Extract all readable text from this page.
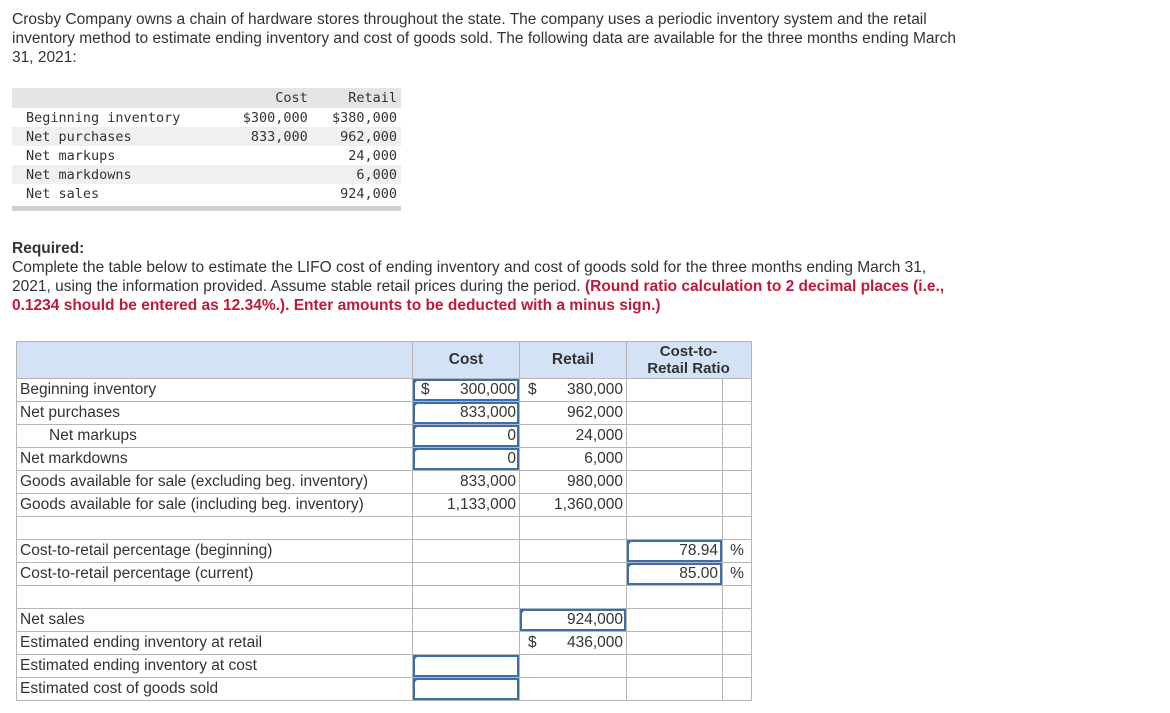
Crosby Company owns a chain of hardware stores throughout the state. The company uses a periodic inventory system and the retail inventory method to estimate ending inventory and cost of goods sold. The following data are available for the three months ending March 31, 2021:
	Cost	Retail
Beginning inventory	$300,000	$380,000
Net purchases	833,000	962,000
Net markups		24,000
Net markdowns		6,000
Net sales		924,000
Required:
Complete the table below to estimate the LIFO cost of ending inventory and cost of goods sold for the three months ending March 31, 2021, using the information provided. Assume stable retail prices during the period. (Round ratio calculation to 2 decimal places (i.e., 0.1234 should be entered as 12.34%.). Enter amounts to be deducted with a minus sign.)
	Cost	Retail	Cost-to-
Retail Ratio	

Beginning inventory	$ 300,000	$ 380,000		
Net purchases	833,000	962,000		
Net markups	0	24,000		
Net markdowns	0	6,000		
Goods available for sale (excluding beg. inventory)	833,000	980,000		
Goods available for sale (including beg. inventory)	1,133,000	1,360,000		

Cost-to-retail percentage (beginning)			78.94	%
Cost-to-retail percentage (current)			85.00	%

Net sales		924,000		
Estimated ending inventory at retail		$ 436,000		
Estimated ending inventory at cost				
Estimated cost of goods sold				
